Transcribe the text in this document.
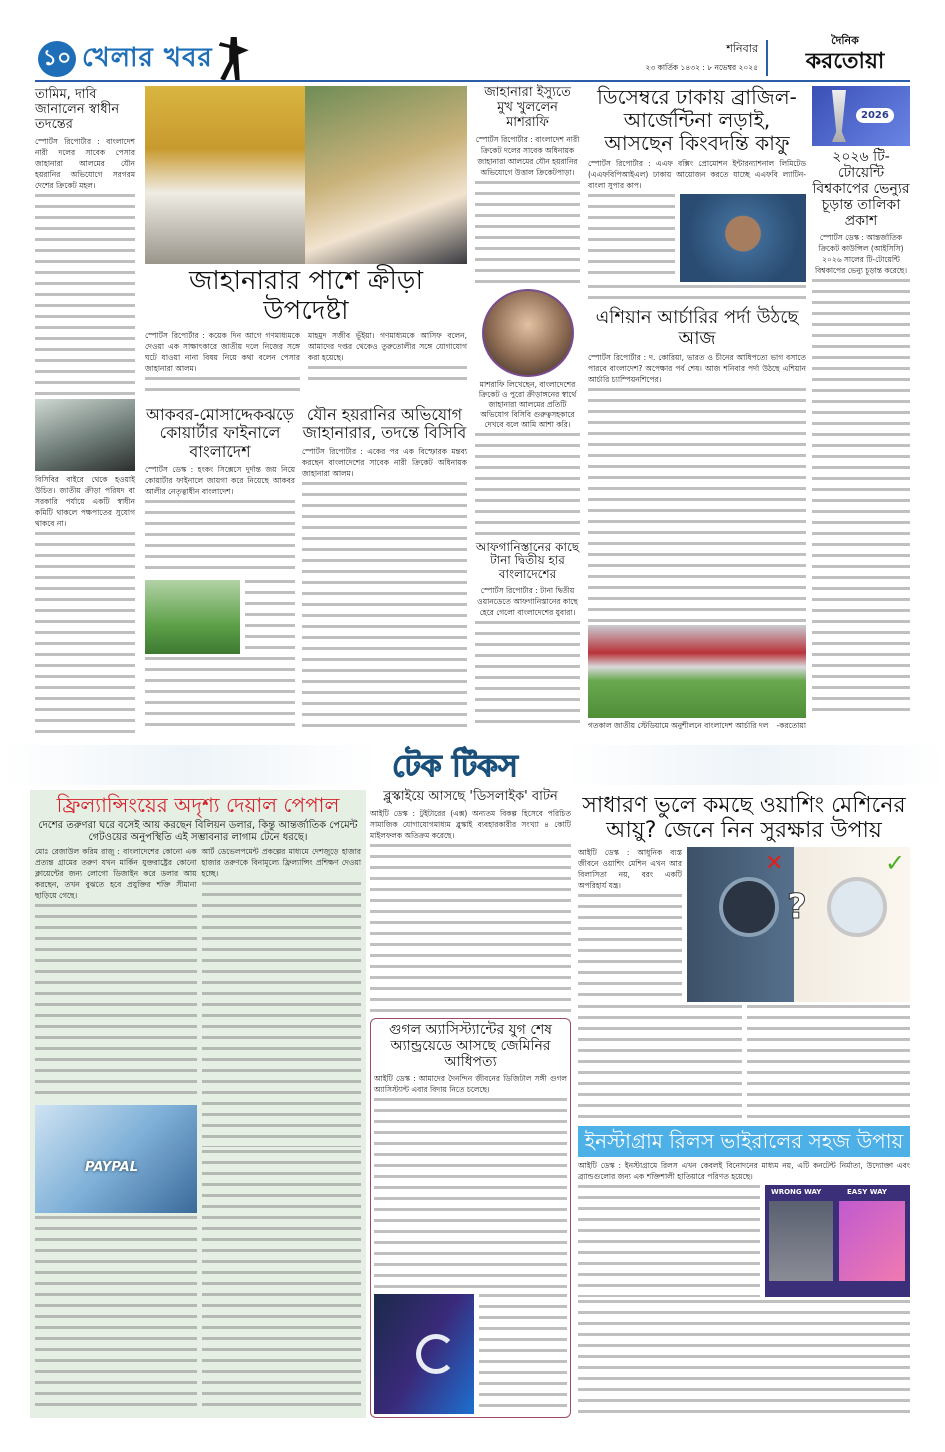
১০ খেলার খবর	শনিবার
২৩ কার্তিক ১৪৩২ : ৮ নভেম্বর ২০২৫
দৈনিক
করতোয়া
তামিম, দাবি জানালেন স্বাধীন তদন্তের
স্পোর্টস রিপোর্টার : বাংলাদেশ নারী দলের সাবেক পেসার জাহানারা আলমের যৌন হয়রানির অভিযোগে সরগরম দেশের ক্রিকেট মহল।
বিসিবির বাইরে থেকে হওয়াই উচিত। জাতীয় ক্রীড়া পরিষদ বা সরকারি পর্যায়ে একটি স্বাধীন কমিটি থাকলে পক্ষপাতের সুযোগ থাকবে না।
জাহানারার পাশে ক্রীড়া উপদেষ্টা
স্পোর্টস রিপোর্টার : কয়েক দিন আগে গণমাধ্যমকে দেওয়া এক সাক্ষাৎকারে জাতীয় দলে নিজের সঙ্গে ঘটে যাওয়া নানা বিষয় নিয়ে কথা বলেন পেসার জাহানারা আলম।
মাহমুদ সজীব ভূঁইয়া। গণমাধ্যমকে আসিফ বলেন, আমাদের দপ্তর থেকেও তুরুতোলীর সঙ্গে যোগাযোগ করা হয়েছে।
আকবর-মোসাদ্দেকঝড়ে কোয়ার্টার ফাইনালে বাংলাদেশ
স্পোর্টস ডেস্ক : হংকং সিক্সেসে দুর্দান্ত জয় নিয়ে কোয়ার্টার ফাইনালে জায়গা করে নিয়েছে আকবর আলীর নেতৃত্বাধীন বাংলাদেশ।
যৌন হয়রানির অভিযোগ জাহানারার, তদন্তে বিসিবি
স্পোর্টস রিপোর্টার : একের পর এক বিস্ফোরক মন্তব্য করছেন বাংলাদেশের সাবেক নারী ক্রিকেট অধিনায়ক জাহানারা আলম।
জাহানারা ইস্যুতে মুখ খুললেন মাশরাফি
স্পোর্টস রিপোর্টার : বাংলাদেশ নারী ক্রিকেট দলের সাবেক অধিনায়ক জাহানারা আলমের যৌন হয়রানির অভিযোগে উত্তাল ক্রিকেটপাড়া।
মাশরাফি লিখেছেন, বাংলাদেশের ক্রিকেট ও পুরো ক্রীড়াঙ্গনের স্বার্থে জাহানারা আলমের প্রতিটি অভিযোগ বিসিবি গুরুত্বসহকারে দেখবে বলে আমি আশা করি।
আফগানিস্তানের কাছে টানা দ্বিতীয় হার বাংলাদেশের
স্পোর্টস রিপোর্টার : টানা দ্বিতীয় ওয়ানডেতে আফগানিস্তানের কাছে হেরে গেলো বাংলাদেশের যুবারা।
ডিসেম্বরে ঢাকায় ব্রাজিল-আর্জেন্টিনা লড়াই, আসছেন কিংবদন্তি কাফু
স্পোর্টস রিপোর্টার : এএফ বক্সিং প্রোমোশন ইন্টারন্যাশনাল লিমিটেড (এএফবিপিআইএল) ঢাকায় আয়োজন করতে যাচ্ছে এএফবি ল্যাটিন-বাংলা সুপার কাপ।
এশিয়ান আর্চারির পর্দা উঠছে আজ
স্পোর্টস রিপোর্টার : দ. কোরিয়া, ভারত ও চীনের আধিপত্যে ভাগ বসাতে পারবে বাংলাদেশ? অপেক্ষার পর্ব শেষ। আজ শনিবার পর্দা উঠছে এশিয়ান আর্চারি চ্যাম্পিয়নশিপের।
গতকাল জাতীয় স্টেডিয়ামে অনুশীলনে বাংলাদেশ আর্চারি দল -করতোয়া
2026
২০২৬ টি-টোয়েন্টি বিশ্বকাপের ভেন্যুর চূড়ান্ত তালিকা প্রকাশ
স্পোর্টস ডেস্ক : আন্তর্জাতিক ক্রিকেট কাউন্সিল (আইসিসি) ২০২৬ সালের টি-টোয়েন্টি বিশ্বকাপের ভেন্যু চূড়ান্ত করেছে।
টেক টিকস
ফ্রিল্যান্সিংয়ের অদৃশ্য দেয়াল পেপাল
দেশের তরুণরা ঘরে বসেই আয় করছেন বিলিয়ন ডলার, কিন্তু আন্তর্জাতিক পেমেন্ট গেটওয়ের অনুপস্থিতি এই সম্ভাবনার লাগাম টেনে ধরছে।
মোঃ রেজাউল করিম রাজু : বাংলাদেশের কোনো এক প্রত্যন্ত গ্রামের তরুণ যখন মার্কিন যুক্তরাষ্ট্রের কোনো ক্লায়েন্টের জন্য লোগো ডিজাইন করে ডলার আয় করছেন, তখন বুঝতে হবে প্রযুক্তির শক্তি সীমানা ছাড়িয়ে গেছে।
PAYPAL
আর্ট ডেভেলপমেন্ট প্রকল্পের মাধ্যমে দেশজুড়ে হাজার হাজার তরুণকে বিনামূল্যে ফ্রিল্যান্সিং প্রশিক্ষণ দেওয়া হচ্ছে।
ব্লুস্কাইয়ে আসছে 'ডিসলাইক' বাটন
আইটি ডেস্ক : টুইটারের (এক্স) অন্যতম বিকল্প হিসেবে পরিচিত সামাজিক যোগাযোগমাধ্যম ব্লুস্কাই ব্যবহারকারীর সংখ্যা ৪ কোটি মাইলফলক অতিক্রম করেছে।
গুগল অ্যাসিস্ট্যান্টের যুগ শেষ অ্যান্ড্রয়েডে আসছে জেমিনির আধিপত্য
আইটি ডেস্ক : আমাদের দৈনন্দিন জীবনের ডিজিটাল সঙ্গী গুগল অ্যাসিস্ট্যান্ট এবার বিদায় নিতে চলেছে।
সাধারণ ভুলে কমছে ওয়াশিং মেশিনের আয়ু? জেনে নিন সুরক্ষার উপায়
আইটি ডেস্ক : আধুনিক ব্যস্ত জীবনে ওয়াশিং মেশিন এখন আর বিলাসিতা নয়, বরং একটি অপরিহার্য যন্ত্র।
✕	✓
?
ইনস্টাগ্রাম রিলস ভাইরালের সহজ উপায়
আইটি ডেস্ক : ইনস্টাগ্রামে রিলস এখন কেবলই বিনোদনের মাধ্যম নয়, এটি কনটেন্ট নির্মাতা, উদ্যোক্তা এবং ব্র্যান্ডগুলোর জন্য এক শক্তিশালী হাতিয়ারে পরিণত হয়েছে।
WRONG WAY	EASY WAY
